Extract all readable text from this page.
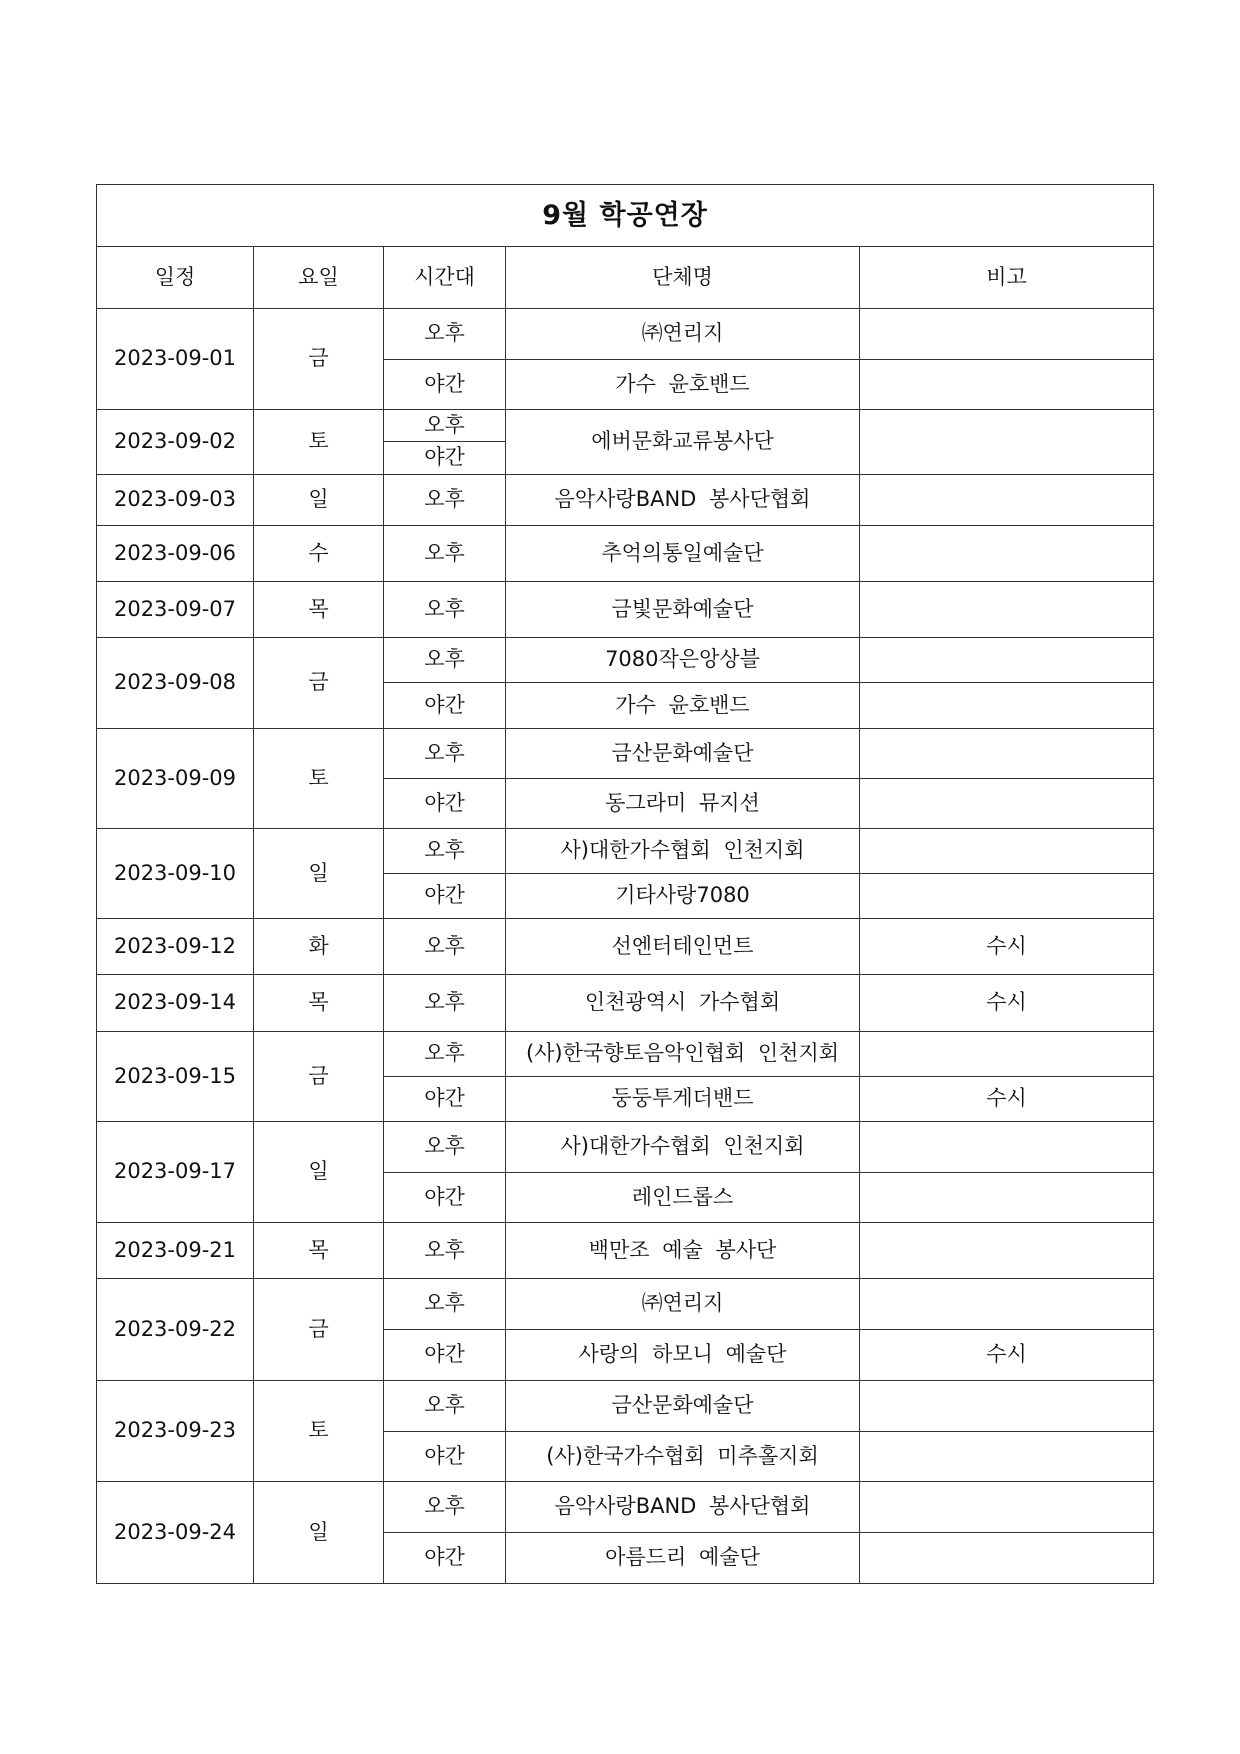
9월 학공연장				
일정	요일	시간대	단체명	비고
2023-09-01	금	오후	㈜연리지	
		야간	가수 윤호밴드	
2023-09-02	토	오후	에버문화교류봉사단	
		야간		
2023-09-03	일	오후	음악사랑BAND 봉사단협회	
2023-09-06	수	오후	추억의통일예술단	
2023-09-07	목	오후	금빛문화예술단	
2023-09-08	금	오후	7080작은앙상블	
		야간	가수 윤호밴드	
2023-09-09	토	오후	금산문화예술단	
		야간	동그라미 뮤지션	
2023-09-10	일	오후	사)대한가수협회 인천지회	
		야간	기타사랑7080	
2023-09-12	화	오후	선엔터테인먼트	수시
2023-09-14	목	오후	인천광역시 가수협회	수시
2023-09-15	금	오후	(사)한국향토음악인협회 인천지회	
		야간	둥둥투게더밴드	수시
2023-09-17	일	오후	사)대한가수협회 인천지회	
		야간	레인드롭스	
2023-09-21	목	오후	백만조 예술 봉사단	
2023-09-22	금	오후	㈜연리지	
		야간	사랑의 하모니 예술단	수시
2023-09-23	토	오후	금산문화예술단	
		야간	(사)한국가수협회 미추홀지회	
2023-09-24	일	오후	음악사랑BAND 봉사단협회	
		야간	아름드리 예술단	
